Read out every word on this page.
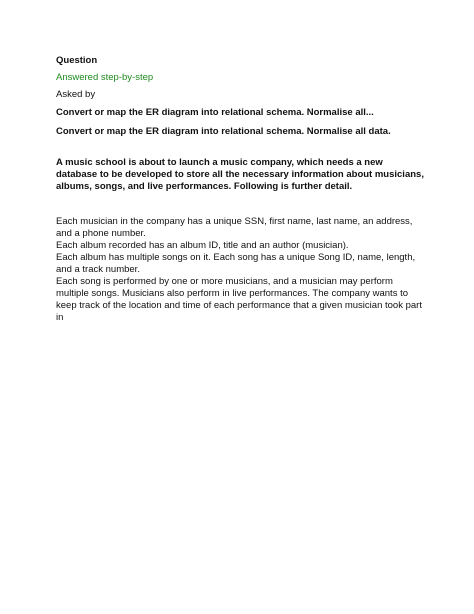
Question
Answered step-by-step
Asked by
Convert or map the ER diagram into relational schema. Normalise all...
Convert or map the ER diagram into relational schema. Normalise all data.
A music school is about to launch a music company, which needs a new database to be developed to store all the necessary information about musicians, albums, songs, and live performances. Following is further detail.
Each musician in the company has a unique SSN, first name, last name, an address, and a phone number.
Each album recorded has an album ID, title and an author (musician).
Each album has multiple songs on it. Each song has a unique Song ID, name, length, and a track number.
Each song is performed by one or more musicians, and a musician may perform multiple songs. Musicians also perform in live performances. The company wants to keep track of the location and time of each performance that a given musician took part in
